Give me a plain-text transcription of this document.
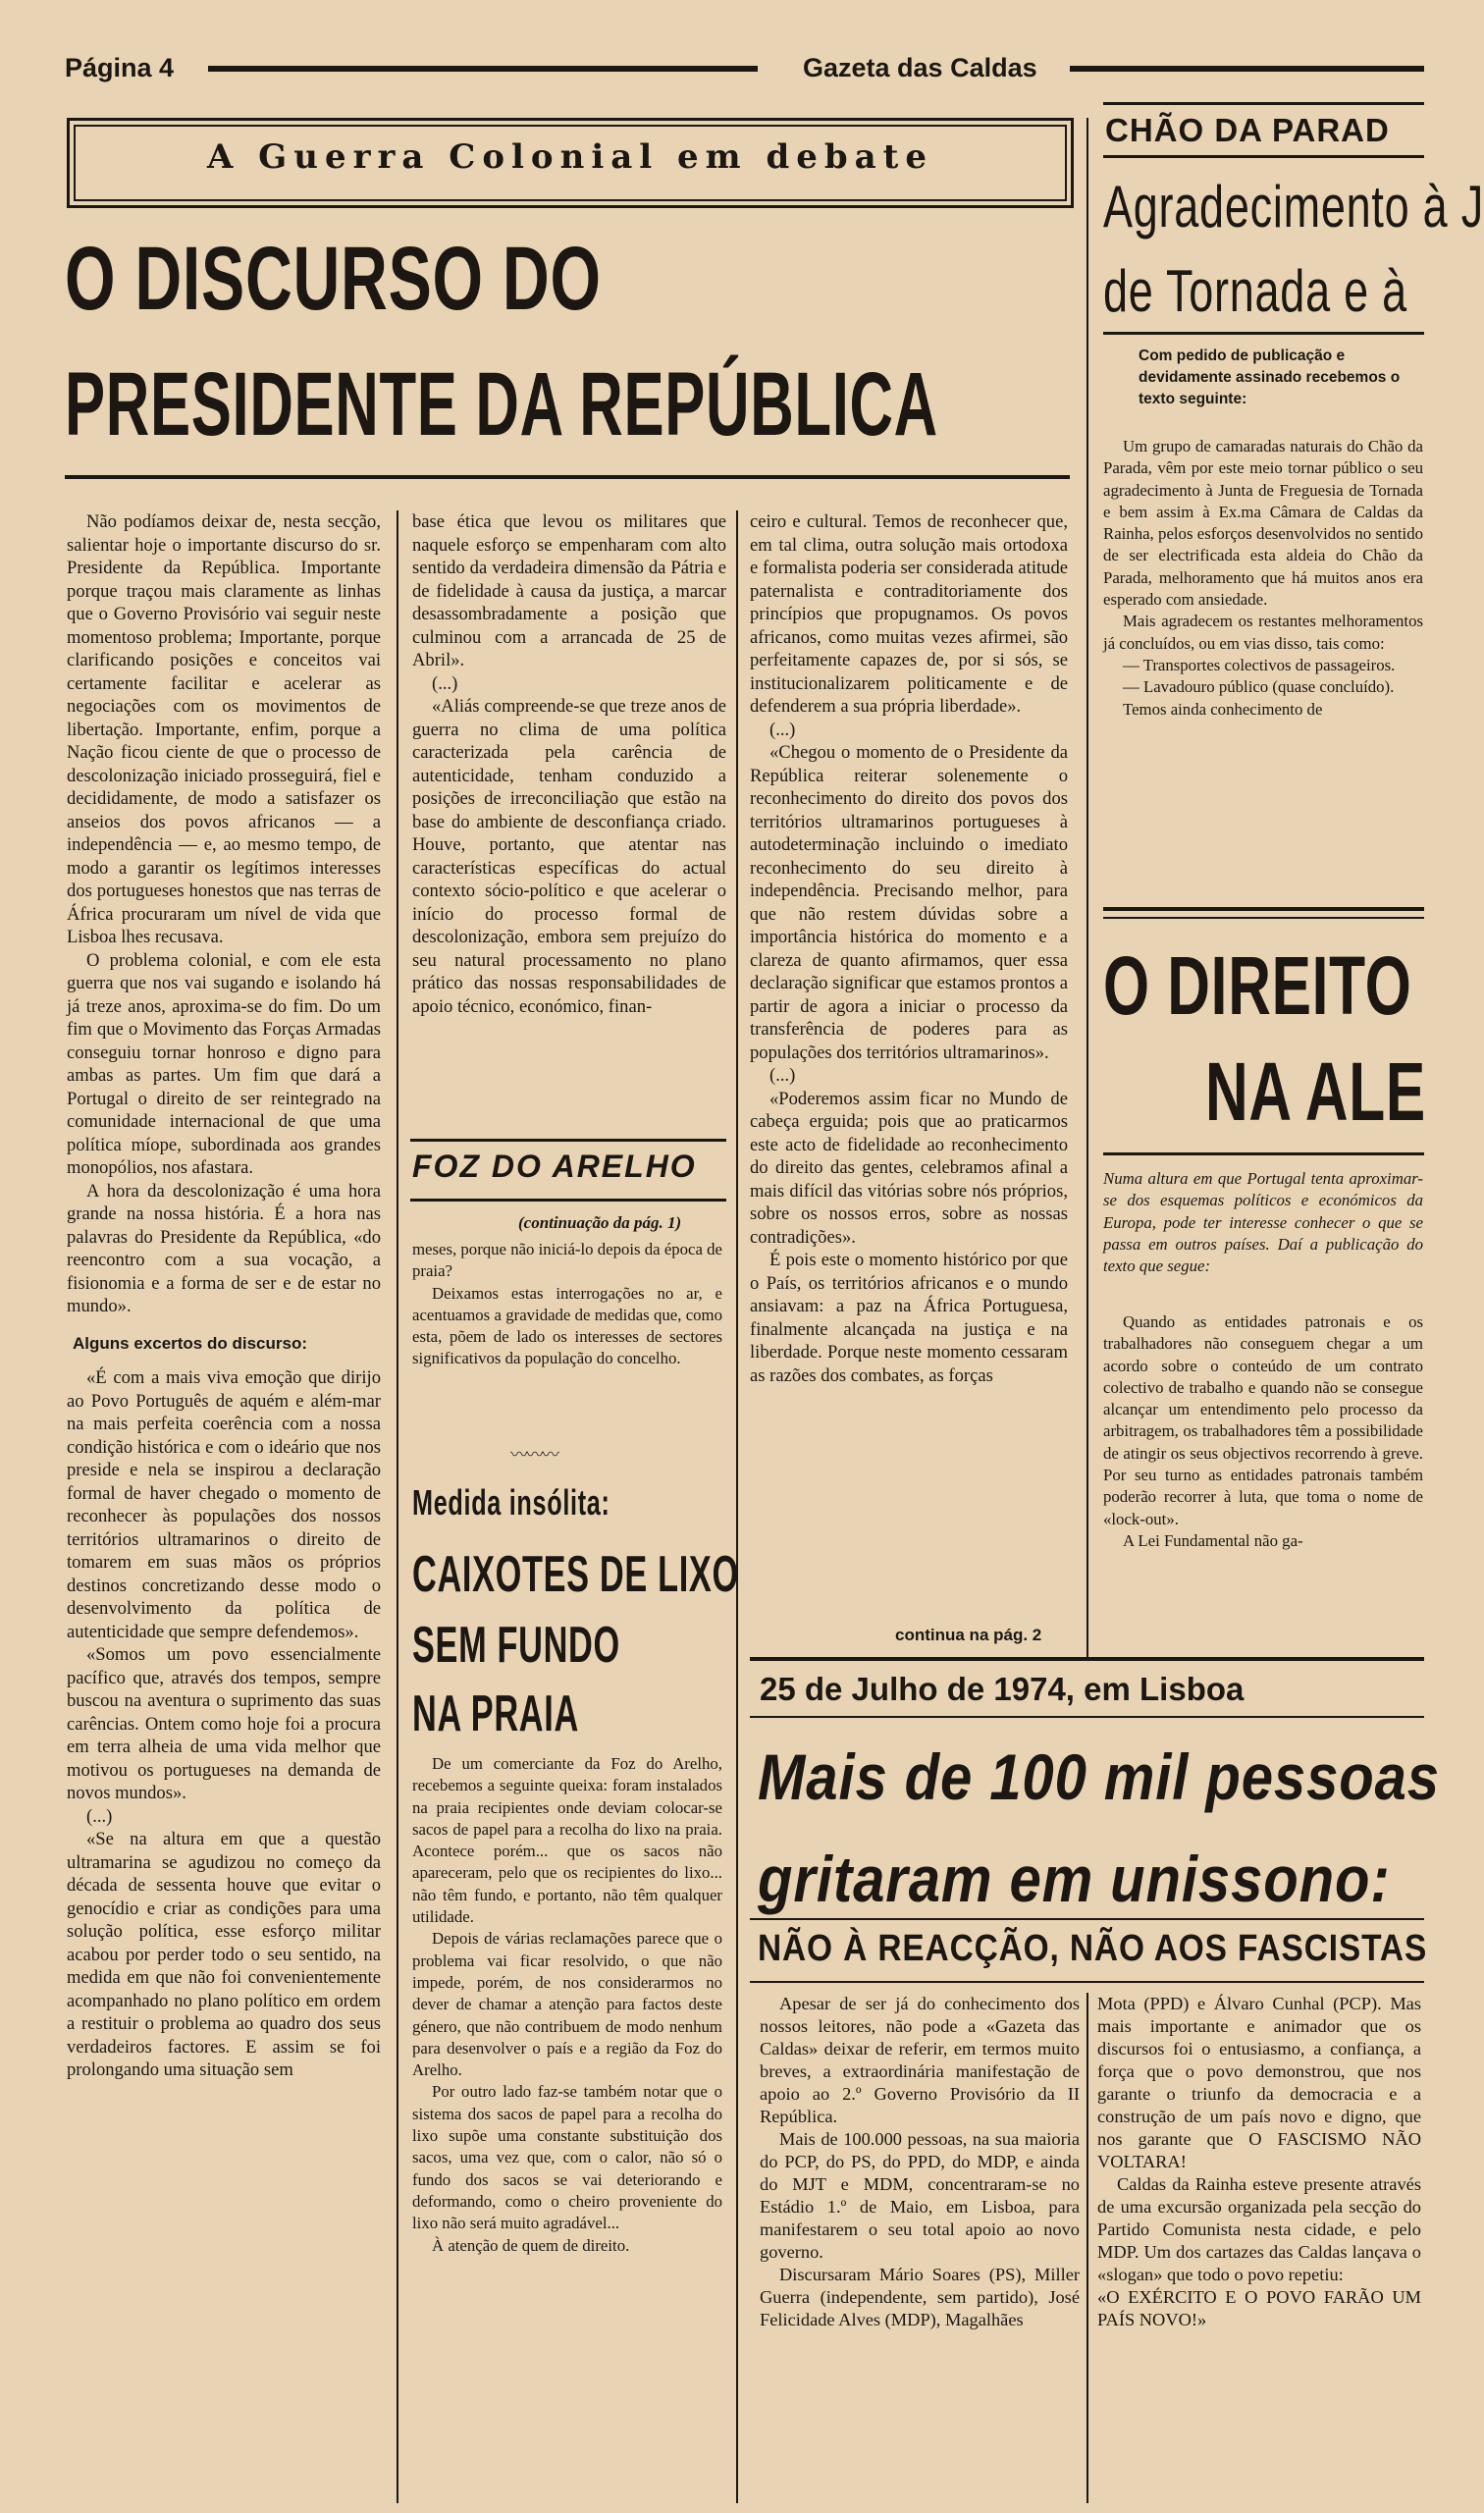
Página 4	Gazeta das Caldas
A Guerra Colonial em debate
O DISCURSO DO
PRESIDENTE DA REPÚBLICA

Não podíamos deixar de, nesta secção, salientar hoje o importante discurso do sr. Presidente da República. Importante porque traçou mais claramente as linhas que o Governo Provisório vai seguir neste momentoso problema; Importante, porque clarificando posições e conceitos vai certamente facilitar e acelerar as negociações com os movimentos de libertação. Importante, enfim, porque a Nação ficou ciente de que o processo de descolonização iniciado prosseguirá, fiel e decididamente, de modo a satisfazer os anseios dos povos africanos — a independência — e, ao mesmo tempo, de modo a garantir os legítimos interesses dos portugueses honestos que nas terras de África procuraram um nível de vida que Lisboa lhes recusava.

O problema colonial, e com ele esta guerra que nos vai sugando e isolando há já treze anos, aproxima-se do fim. Do um fim que o Movimento das Forças Armadas conseguiu tornar honroso e digno para ambas as partes. Um fim que dará a Portugal o direito de ser reintegrado na comunidade internacional de que uma política míope, subordinada aos grandes monopólios, nos afastara.

A hora da descolonização é uma hora grande na nossa história. É a hora nas palavras do Presidente da República, «do reencontro com a sua vocação, a fisionomia e a forma de ser e de estar no mundo».

Alguns excertos do discurso:

«É com a mais viva emoção que dirijo ao Povo Português de aquém e além-mar na mais perfeita coerência com a nossa condição histórica e com o ideário que nos preside e nela se inspirou a declaração formal de haver chegado o momento de reconhecer às populações dos nossos territórios ultramarinos o direito de tomarem em suas mãos os próprios destinos concretizando desse modo o desenvolvimento da política de autenticidade que sempre defendemos».

«Somos um povo essencialmente pacífico que, através dos tempos, sempre buscou na aventura o suprimento das suas carências. Ontem como hoje foi a procura em terra alheia de uma vida melhor que motivou os portugueses na demanda de novos mundos».

(...)

«Se na altura em que a questão ultramarina se agudizou no começo da década de sessenta houve que evitar o genocídio e criar as condições para uma solução política, esse esforço militar acabou por perder todo o seu sentido, na medida em que não foi convenientemente acompanhado no plano político em ordem a restituir o problema ao quadro dos seus verdadeiros factores. E assim se foi prolongando uma situação sem

base ética que levou os militares que naquele esforço se empenharam com alto sentido da verdadeira dimensão da Pátria e de fidelidade à causa da justiça, a marcar desassombradamente a posição que culminou com a arrancada de 25 de Abril».

(...)

«Aliás compreende-se que treze anos de guerra no clima de uma política caracterizada pela carência de autenticidade, tenham conduzido a posições de irreconciliação que estão na base do ambiente de desconfiança criado. Houve, portanto, que atentar nas características específicas do actual contexto sócio-político e que acelerar o início do processo formal de descolonização, embora sem prejuízo do seu natural processamento no plano prático das nossas responsabilidades de apoio técnico, económico, finan-

ceiro e cultural. Temos de reconhecer que, em tal clima, outra solução mais ortodoxa e formalista poderia ser considerada atitude paternalista e contraditoriamente dos princípios que propugnamos. Os povos africanos, como muitas vezes afirmei, são perfeitamente capazes de, por si sós, se institucionalizarem politicamente e de defenderem a sua própria liberdade».

(...)

«Chegou o momento de o Presidente da República reiterar solenemente o reconhecimento do direito dos povos dos territórios ultramarinos portugueses à autodeterminação incluindo o imediato reconhecimento do seu direito à independência. Precisando melhor, para que não restem dúvidas sobre a importância histórica do momento e a clareza de quanto afirmamos, quer essa declaração significar que estamos prontos a partir de agora a iniciar o processo da transferência de poderes para as populações dos territórios ultramarinos».

(...)

«Poderemos assim ficar no Mundo de cabeça erguida; pois que ao praticarmos este acto de fidelidade ao reconhecimento do direito das gentes, celebramos afinal a mais difícil das vitórias sobre nós próprios, sobre os nossos erros, sobre as nossas contradições».

É pois este o momento histórico por que o País, os territórios africanos e o mundo ansiavam: a paz na África Portuguesa, finalmente alcançada na justiça e na liberdade. Porque neste momento cessaram as razões dos combates, as forças

continua na pág. 2
FOZ DO ARELHO
(continuação da pág. 1)

meses, porque não iniciá-lo depois da época de praia?

Deixamos estas interrogações no ar, e acentuamos a gravidade de medidas que, como esta, põem de lado os interesses de sectores significativos da população do concelho.

〰〰〰
Medida insólita:
CAIXOTES DE LIXO
SEM FUNDO
NA PRAIA

De um comerciante da Foz do Arelho, recebemos a seguinte queixa: foram instalados na praia recipientes onde deviam colocar-se sacos de papel para a recolha do lixo na praia. Acontece porém... que os sacos não apareceram, pelo que os recipientes do lixo... não têm fundo, e portanto, não têm qualquer utilidade.

Depois de várias reclamações parece que o problema vai ficar resolvido, o que não impede, porém, de nos considerarmos no dever de chamar a atenção para factos deste género, que não contribuem de modo nenhum para desenvolver o país e a região da Foz do Arelho.

Por outro lado faz-se também notar que o sistema dos sacos de papel para a recolha do lixo supõe uma constante substituição dos sacos, uma vez que, com o calor, não só o fundo dos sacos se vai deteriorando e deformando, como o cheiro proveniente do lixo não será muito agradável...

À atenção de quem de direito.

CHÃO DA PARAD
Agradecimento à J
de Tornada e à
Com pedido de publicação e devidamente assinado recebemos o texto seguinte:

Um grupo de camaradas naturais do Chão da Parada, vêm por este meio tornar público o seu agradecimento à Junta de Freguesia de Tornada e bem assim à Ex.ma Câmara de Caldas da Rainha, pelos esforços desenvolvidos no sentido de ser electrificada esta aldeia do Chão da Parada, melhoramento que há muitos anos era esperado com ansiedade.

Mais agradecem os restantes melhoramentos já concluídos, ou em vias disso, tais como:

— Transportes colectivos de passageiros.

— Lavadouro público (quase concluído).

Temos ainda conhecimento de

O DIREITO
NA ALE
Numa altura em que Portugal tenta aproximar-se dos esquemas políticos e económicos da Europa, pode ter interesse conhecer o que se passa em outros países. Daí a publicação do texto que segue:

Quando as entidades patronais e os trabalhadores não conseguem chegar a um acordo sobre o conteúdo de um contrato colectivo de trabalho e quando não se consegue alcançar um entendimento pelo processo da arbitragem, os trabalhadores têm a possibilidade de atingir os seus objectivos recorrendo à greve. Por seu turno as entidades patronais também poderão recorrer à luta, que toma o nome de «lock-out».

A Lei Fundamental não ga-

25 de Julho de 1974, em Lisboa
Mais de 100 mil pessoas
gritaram em unissono:
NÃO À REACÇÃO, NÃO AOS FASCISTAS

Apesar de ser já do conhecimento dos nossos leitores, não pode a «Gazeta das Caldas» deixar de referir, em termos muito breves, a extraordinária manifestação de apoio ao 2.º Governo Provisório da II República.

Mais de 100.000 pessoas, na sua maioria do PCP, do PS, do PPD, do MDP, e ainda do MJT e MDM, concentraram-se no Estádio 1.º de Maio, em Lisboa, para manifestarem o seu total apoio ao novo governo.

Discursaram Mário Soares (PS), Miller Guerra (independente, sem partido), José Felicidade Alves (MDP), Magalhães

Mota (PPD) e Álvaro Cunhal (PCP). Mas mais importante e animador que os discursos foi o entusiasmo, a confiança, a força que o povo demonstrou, que nos garante o triunfo da democracia e a construção de um país novo e digno, que nos garante que O FASCISMO NÃO VOLTARA!

Caldas da Rainha esteve presente através de uma excursão organizada pela secção do Partido Comunista nesta cidade, e pelo MDP. Um dos cartazes das Caldas lançava o «slogan» que todo o povo repetiu:

«O EXÉRCITO E O POVO FARÃO UM PAÍS NOVO!»
